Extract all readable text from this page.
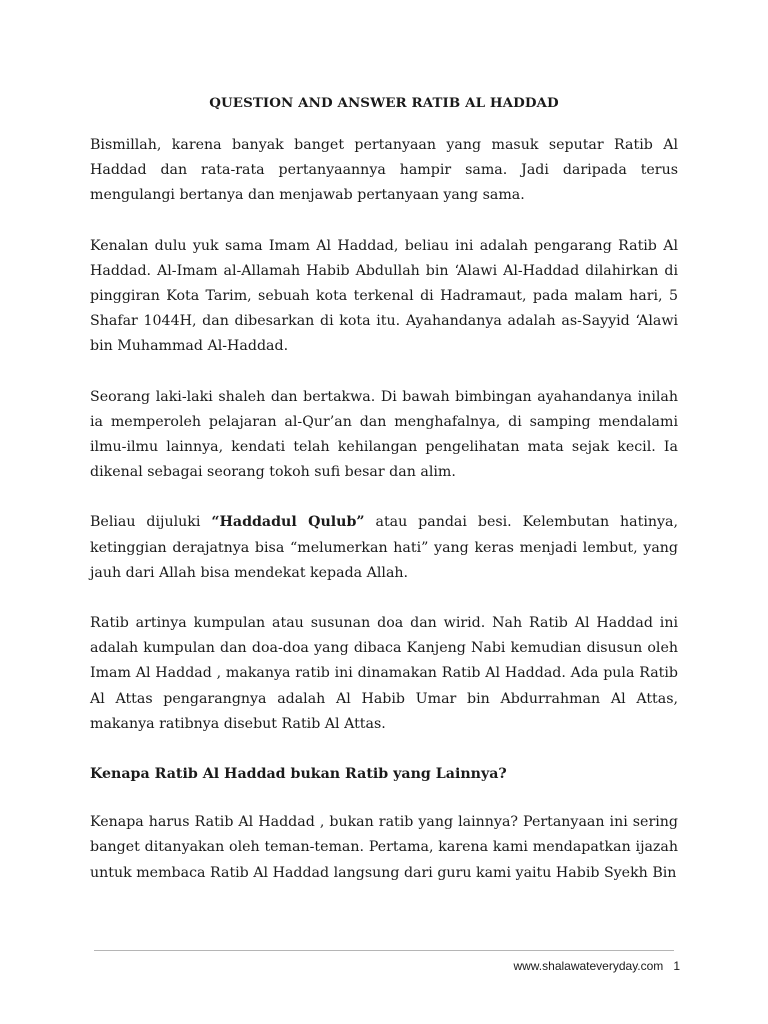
QUESTION AND ANSWER RATIB AL HADDAD

Bismillah, karena banyak banget pertanyaan yang masuk seputar Ratib Al Haddad dan rata-rata pertanyaannya hampir sama. Jadi daripada terus mengulangi bertanya dan menjawab pertanyaan yang sama.

Kenalan dulu yuk sama Imam Al Haddad, beliau ini adalah pengarang Ratib Al Haddad. Al-Imam al-Allamah Habib Abdullah bin ‘Alawi Al-Haddad dilahirkan di pinggiran Kota Tarim, sebuah kota terkenal di Hadramaut, pada malam hari, 5 Shafar 1044H, dan dibesarkan di kota itu. Ayahandanya adalah as-Sayyid ‘Alawi bin Muhammad Al-Haddad.

Seorang laki-laki shaleh dan bertakwa. Di bawah bimbingan ayahandanya inilah ia memperoleh pelajaran al-Qur’an dan menghafalnya, di samping mendalami ilmu-ilmu lainnya, kendati telah kehilangan pengelihatan mata sejak kecil. Ia dikenal sebagai seorang tokoh sufi besar dan alim.

Beliau dijuluki “Haddadul Qulub” atau pandai besi. Kelembutan hatinya, ketinggian derajatnya bisa “melumerkan hati” yang keras menjadi lembut, yang jauh dari Allah bisa mendekat kepada Allah.

Ratib artinya kumpulan atau susunan doa dan wirid. Nah Ratib Al Haddad ini adalah kumpulan dan doa-doa yang dibaca Kanjeng Nabi kemudian disusun oleh Imam Al Haddad , makanya ratib ini dinamakan Ratib Al Haddad. Ada pula Ratib Al Attas pengarangnya adalah Al Habib Umar bin Abdurrahman Al Attas, makanya ratibnya disebut Ratib Al Attas.

Kenapa Ratib Al Haddad bukan Ratib yang Lainnya?

Kenapa harus Ratib Al Haddad , bukan ratib yang lainnya? Pertanyaan ini sering banget ditanyakan oleh teman-teman. Pertama, karena kami mendapatkan ijazah untuk membaca Ratib Al Haddad langsung dari guru kami yaitu Habib Syekh Bin

www.shalawateveryday.com 1
